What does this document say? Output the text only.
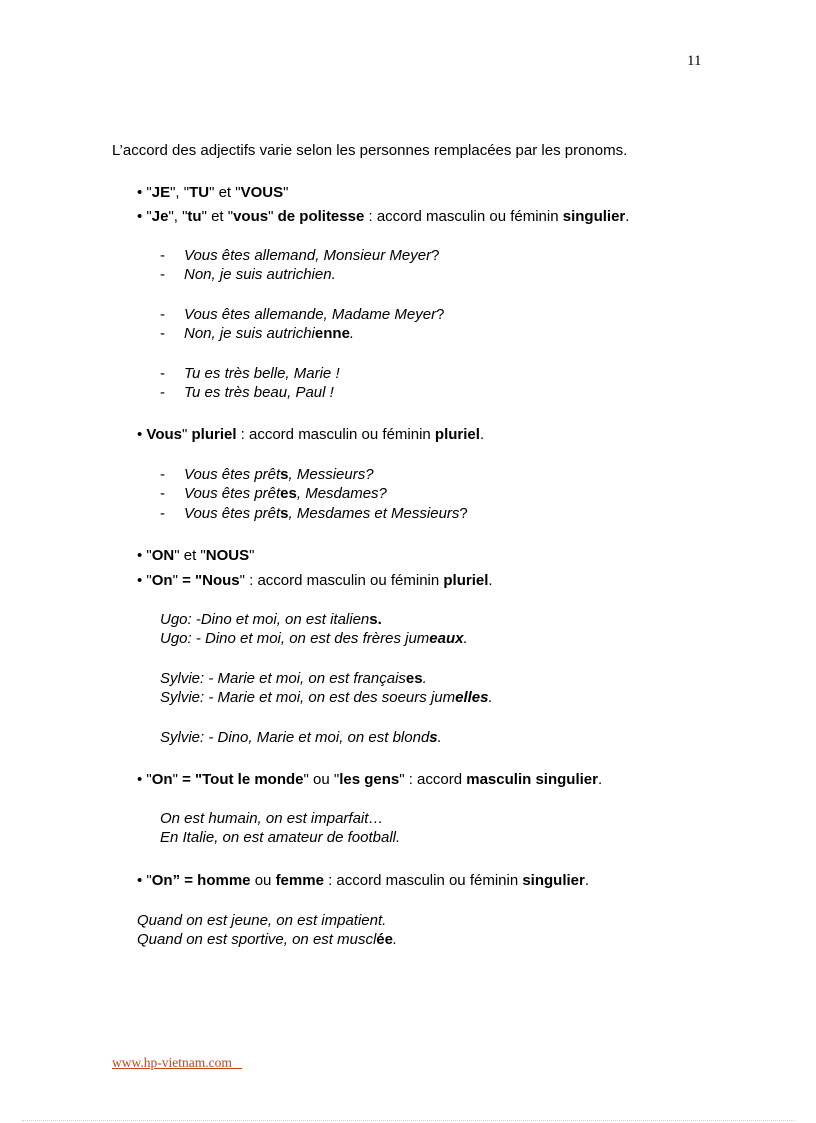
11
L’accord des adjectifs varie selon les personnes remplacées par les pronoms.
• "JE", "TU" et "VOUS"
• "Je", "tu" et "vous" de politesse : accord masculin ou féminin singulier.
- Vous êtes allemand, Monsieur Meyer?
- Non, je suis autrichien.
- Vous êtes allemande, Madame Meyer?
- Non, je suis autrichienne.
- Tu es très belle, Marie !
- Tu es très beau, Paul !
• Vous" pluriel : accord masculin ou féminin pluriel.
- Vous êtes prêts, Messieurs?
- Vous êtes prêtes, Mesdames?
- Vous êtes prêts, Mesdames et Messieurs?
• "ON" et "NOUS"
• "On" = "Nous" : accord masculin ou féminin pluriel.
Ugo: -Dino et moi, on est italiens.
Ugo: - Dino et moi, on est des frères jumeaux.
Sylvie: - Marie et moi, on est françaises.
Sylvie: - Marie et moi, on est des soeurs jumelles.
Sylvie: - Dino, Marie et moi, on est blonds.
• "On" = "Tout le monde" ou "les gens" : accord masculin singulier.
On est humain, on est imparfait…
En Italie, on est amateur de football.
• "On” = homme ou femme : accord masculin ou féminin singulier.
Quand on est jeune, on est impatient.
Quand on est sportive, on est musclée.
www.hp-vietnam.com
